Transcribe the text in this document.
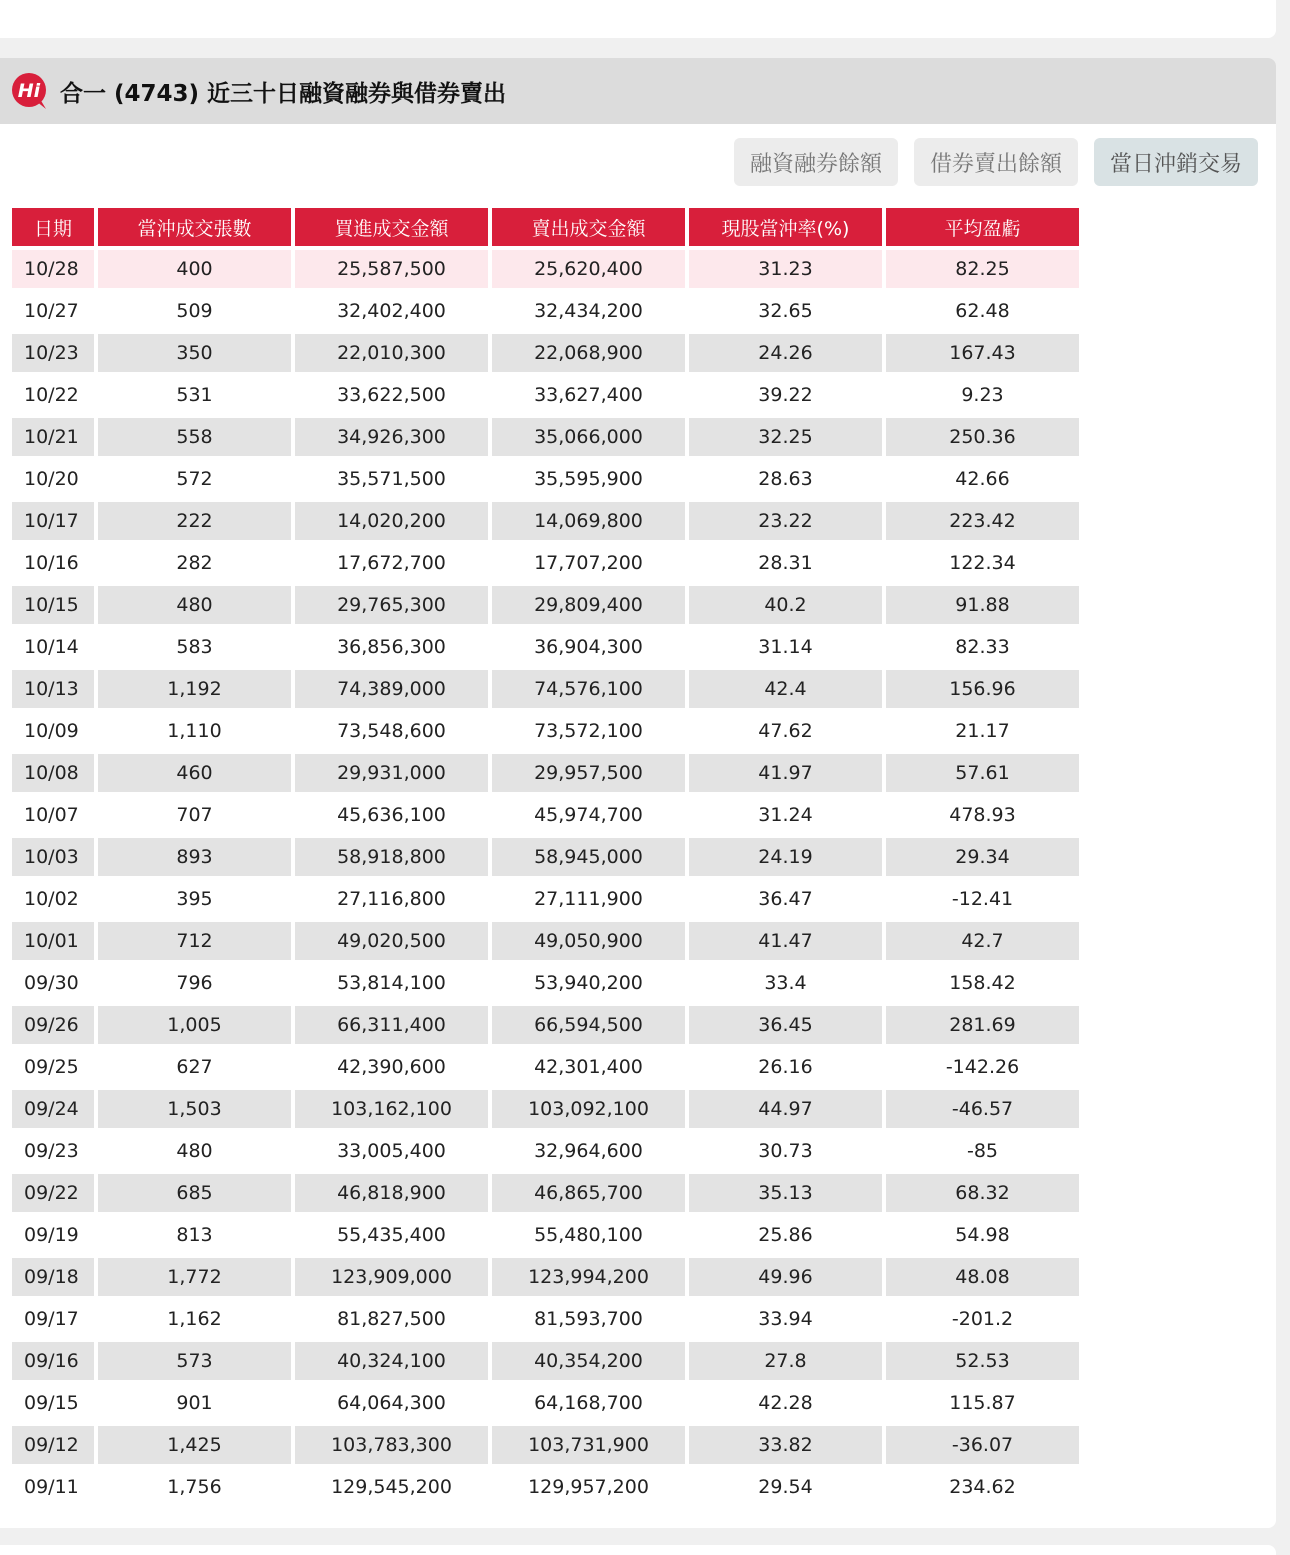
Hi 合一 (4743) 近三十日融資融券與借券賣出
融資融券餘額	借券賣出餘額	當日沖銷交易
日期	當沖成交張數	買進成交金額	賣出成交金額	現股當沖率(%)	平均盈虧
10/28	400	25,587,500	25,620,400	31.23	82.25
10/27	509	32,402,400	32,434,200	32.65	62.48
10/23	350	22,010,300	22,068,900	24.26	167.43
10/22	531	33,622,500	33,627,400	39.22	9.23
10/21	558	34,926,300	35,066,000	32.25	250.36
10/20	572	35,571,500	35,595,900	28.63	42.66
10/17	222	14,020,200	14,069,800	23.22	223.42
10/16	282	17,672,700	17,707,200	28.31	122.34
10/15	480	29,765,300	29,809,400	40.2	91.88
10/14	583	36,856,300	36,904,300	31.14	82.33
10/13	1,192	74,389,000	74,576,100	42.4	156.96
10/09	1,110	73,548,600	73,572,100	47.62	21.17
10/08	460	29,931,000	29,957,500	41.97	57.61
10/07	707	45,636,100	45,974,700	31.24	478.93
10/03	893	58,918,800	58,945,000	24.19	29.34
10/02	395	27,116,800	27,111,900	36.47	-12.41
10/01	712	49,020,500	49,050,900	41.47	42.7
09/30	796	53,814,100	53,940,200	33.4	158.42
09/26	1,005	66,311,400	66,594,500	36.45	281.69
09/25	627	42,390,600	42,301,400	26.16	-142.26
09/24	1,503	103,162,100	103,092,100	44.97	-46.57
09/23	480	33,005,400	32,964,600	30.73	-85
09/22	685	46,818,900	46,865,700	35.13	68.32
09/19	813	55,435,400	55,480,100	25.86	54.98
09/18	1,772	123,909,000	123,994,200	49.96	48.08
09/17	1,162	81,827,500	81,593,700	33.94	-201.2
09/16	573	40,324,100	40,354,200	27.8	52.53
09/15	901	64,064,300	64,168,700	42.28	115.87
09/12	1,425	103,783,300	103,731,900	33.82	-36.07
09/11	1,756	129,545,200	129,957,200	29.54	234.62
